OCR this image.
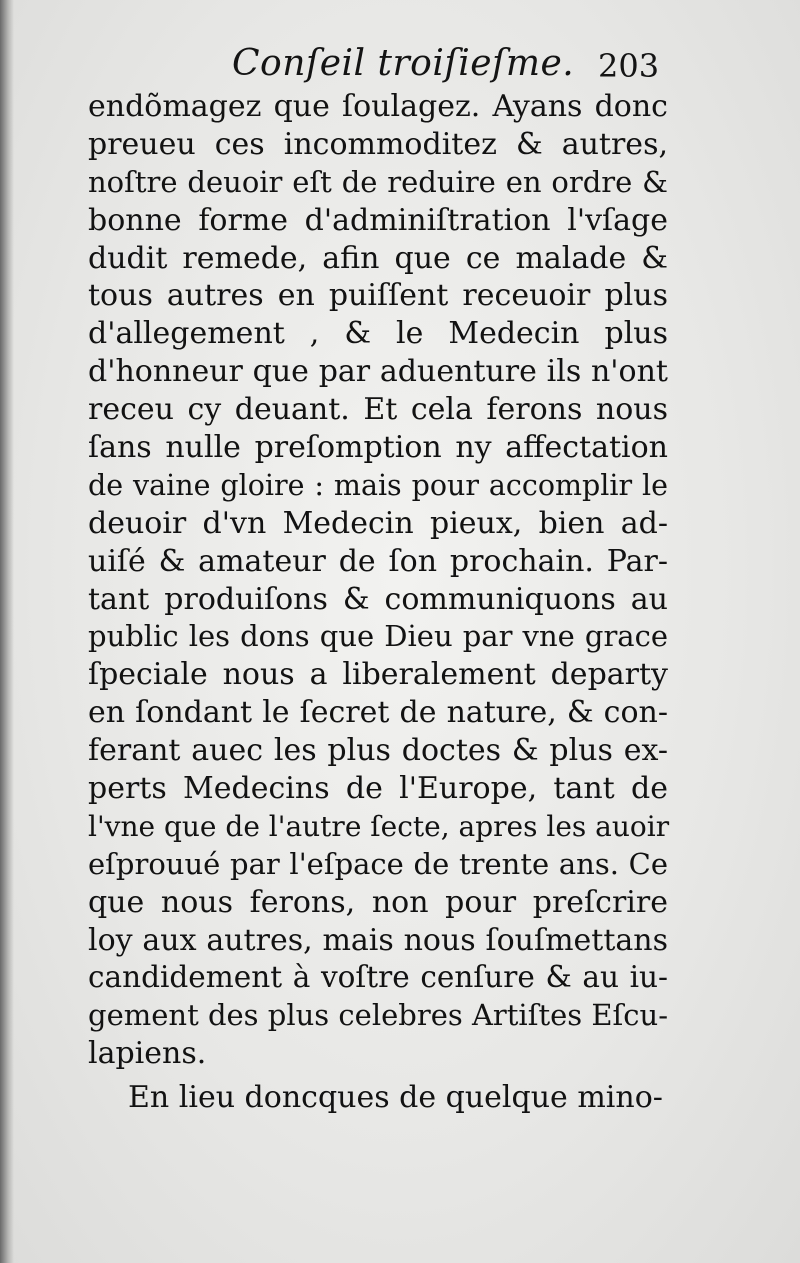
Conſeil troiſieſme. 203
endõmagez que ſoulagez. Ayans donc
preueu ces incommoditez & autres,
noſtre deuoir eſt de reduire en ordre &
bonne forme d'adminiſtration l'vſage
dudit remede, afin que ce malade &
tous autres en puiſſent receuoir plus
d'allegement , & le Medecin plus
d'honneur que par aduenture ils n'ont
receu cy deuant. Et cela ferons nous
ſans nulle preſomption ny affectation
de vaine gloire : mais pour accomplir le
deuoir d'vn Medecin pieux, bien ad-
uiſé & amateur de ſon prochain. Par-
tant produiſons & communiquons au
public les dons que Dieu par vne grace
ſpeciale nous a liberalement departy
en ſondant le ſecret de nature, & con-
ferant auec les plus doctes & plus ex-
perts Medecins de l'Europe, tant de
l'vne que de l'autre ſecte, apres les auoir
eſprouué par l'eſpace de trente ans. Ce
que nous ferons, non pour preſcrire
loy aux autres, mais nous ſouſmettans
candidement à voſtre cenſure & au iu-
gement des plus celebres Artiſtes Eſcu-
lapiens.
En lieu doncques de quelque mino-
